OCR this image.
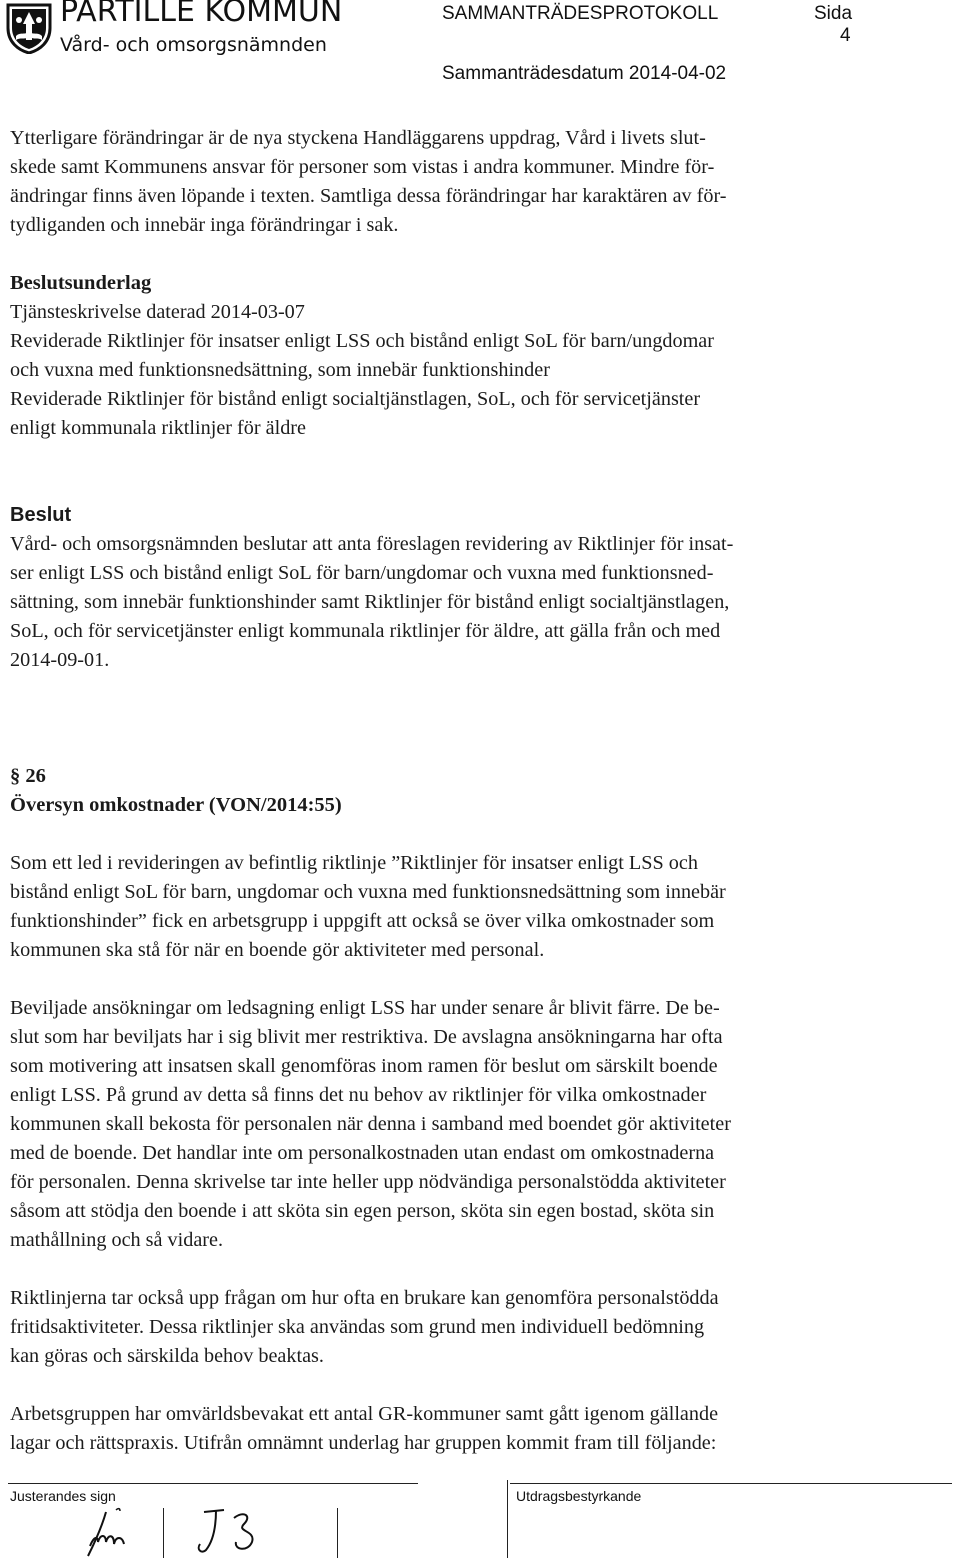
PARTILLE KOMMUN
Vård- och omsorgsnämnden
SAMMANTRÄDESPROTOKOLL	Sida
4
Sammanträdesdatum 2014-04-02

Ytterligare förändringar är de nya styckena Handläggarens uppdrag, Vård i livets slut-
skede samt Kommunens ansvar för personer som vistas i andra kommuner. Mindre för-
ändringar finns även löpande i texten. Samtliga dessa förändringar har karaktären av för-
tydliganden och innebär inga förändringar i sak.

Beslutsunderlag

Tjänsteskrivelse daterad 2014-03-07
Reviderade Riktlinjer för insatser enligt LSS och bistånd enligt SoL för barn/ungdomar
och vuxna med funktionsnedsättning, som innebär funktionshinder
Reviderade Riktlinjer för bistånd enligt socialtjänstlagen, SoL, och för servicetjänster
enligt kommunala riktlinjer för äldre

Beslut

Vård- och omsorgsnämnden beslutar att anta föreslagen revidering av Riktlinjer för insat-
ser enligt LSS och bistånd enligt SoL för barn/ungdomar och vuxna med funktionsned-
sättning, som innebär funktionshinder samt Riktlinjer för bistånd enligt socialtjänstlagen,
SoL, och för servicetjänster enligt kommunala riktlinjer för äldre, att gälla från och med
2014-09-01.

§ 26

Översyn omkostnader (VON/2014:55)

Som ett led i revideringen av befintlig riktlinje ”Riktlinjer för insatser enligt LSS och
bistånd enligt SoL för barn, ungdomar och vuxna med funktionsnedsättning som innebär
funktionshinder” fick en arbetsgrupp i uppgift att också se över vilka omkostnader som
kommunen ska stå för när en boende gör aktiviteter med personal.

Beviljade ansökningar om ledsagning enligt LSS har under senare år blivit färre. De be-
slut som har beviljats har i sig blivit mer restriktiva. De avslagna ansökningarna har ofta
som motivering att insatsen skall genomföras inom ramen för beslut om särskilt boende
enligt LSS. På grund av detta så finns det nu behov av riktlinjer för vilka omkostnader
kommunen skall bekosta för personalen när denna i samband med boendet gör aktiviteter
med de boende. Det handlar inte om personalkostnaden utan endast om omkostnaderna
för personalen. Denna skrivelse tar inte heller upp nödvändiga personalstödda aktiviteter
såsom att stödja den boende i att sköta sin egen person, sköta sin egen bostad, sköta sin
mathållning och så vidare.

Riktlinjerna tar också upp frågan om hur ofta en brukare kan genomföra personalstödda
fritidsaktiviteter. Dessa riktlinjer ska användas som grund men individuell bedömning
kan göras och särskilda behov beaktas.

Arbetsgruppen har omvärldsbevakat ett antal GR-kommuner samt gått igenom gällande
lagar och rättspraxis. Utifrån omnämnt underlag har gruppen kommit fram till följande:

Justerandes sign	Utdragsbestyrkande
